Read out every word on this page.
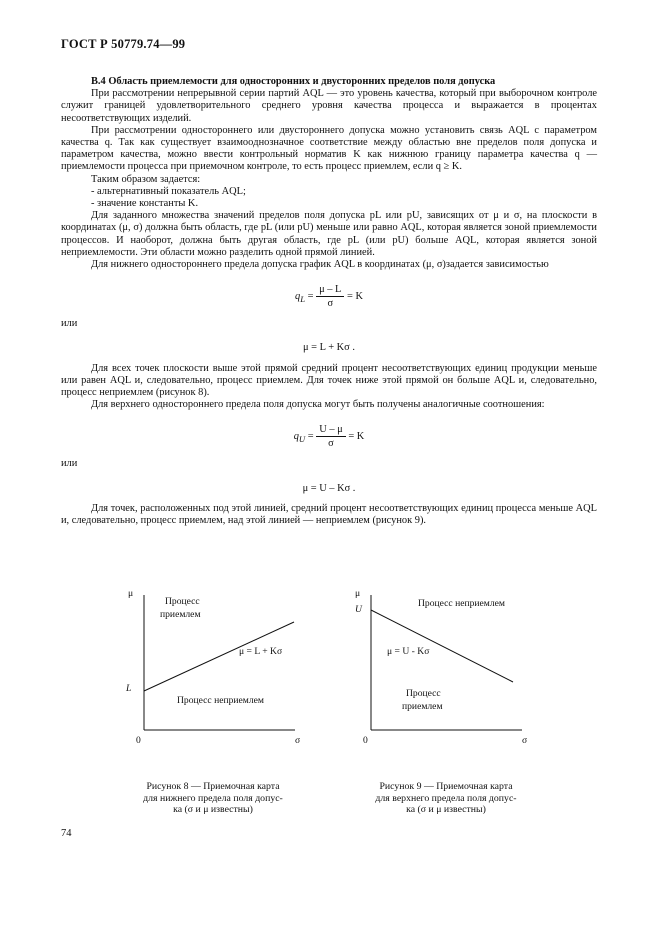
ГОСТ Р 50779.74—99
В.4 Область приемлемости для односторонних и двусторонних пределов поля допуска

При рассмотрении непрерывной серии партий AQL — это уровень качества, который при выборочном контроле служит границей удовлетворительного среднего уровня качества процесса и выражается в процентах несоответствующих изделий.

При рассмотрении одностороннего или двустороннего допуска можно установить связь AQL с параметром качества q. Так как существует взаимоoднозначное соответствие между областью вне пределов поля допуска и параметром качества, можно ввести контрольный норматив K как нижнюю границу параметра качества q — приемлемости процесса при приемочном контроле, то есть процесс приемлем, если q ≥ K.

Таким образом задается:

- альтернативный показатель AQL;

- значение константы K.

Для заданного множества значений пределов поля допуска pL или pU, зависящих от μ и σ, на плоскости в координатах (μ, σ) должна быть область, где pL (или pU) меньше или равно AQL, которая является зоной приемлемости процессов. И наоборот, должна быть другая область, где pL (или pU) больше AQL, которая является зоной неприемлемости. Эти области можно разделить одной прямой линией.

Для нижнего одностороннего предела допуска график AQL в координатах (μ, σ)задается зависимостью

$q_L = \frac{\mu - L}{\sigma} = K$

или

μ = L + Kσ .

Для всех точек плоскости выше этой прямой средний процент несоответствующих единиц продукции меньше или равен AQL и, следовательно, процесс приемлем. Для точек ниже этой прямой он больше AQL и, следовательно, процесс неприемлем (рисунок 8).

Для верхнего одностороннего предела поля допуска могут быть получены аналогичные соотношения:

$q_U = \frac{U - \mu}{\sigma} = K$

или

μ = U – Kσ .

Для точек, расположенных под этой линией, средний процент несоответствующих единиц процесса меньше AQL и, следовательно, процесс приемлем, над этой линией — неприемлем (рисунок 9).

μ
L
0	σ
Процесс
приемлем
μ = L + Kσ
Процесс неприемлем
Рисунок 8 — Приемочная карта
для нижнего предела поля допус-
ка (σ и μ известны)
μ
U
0	σ
Процесс неприемлем
μ = U - Kσ
Процесс
приемлем
Рисунок 9 — Приемочная карта
для верхнего предела поля допус-
ка (σ и μ известны)
74
